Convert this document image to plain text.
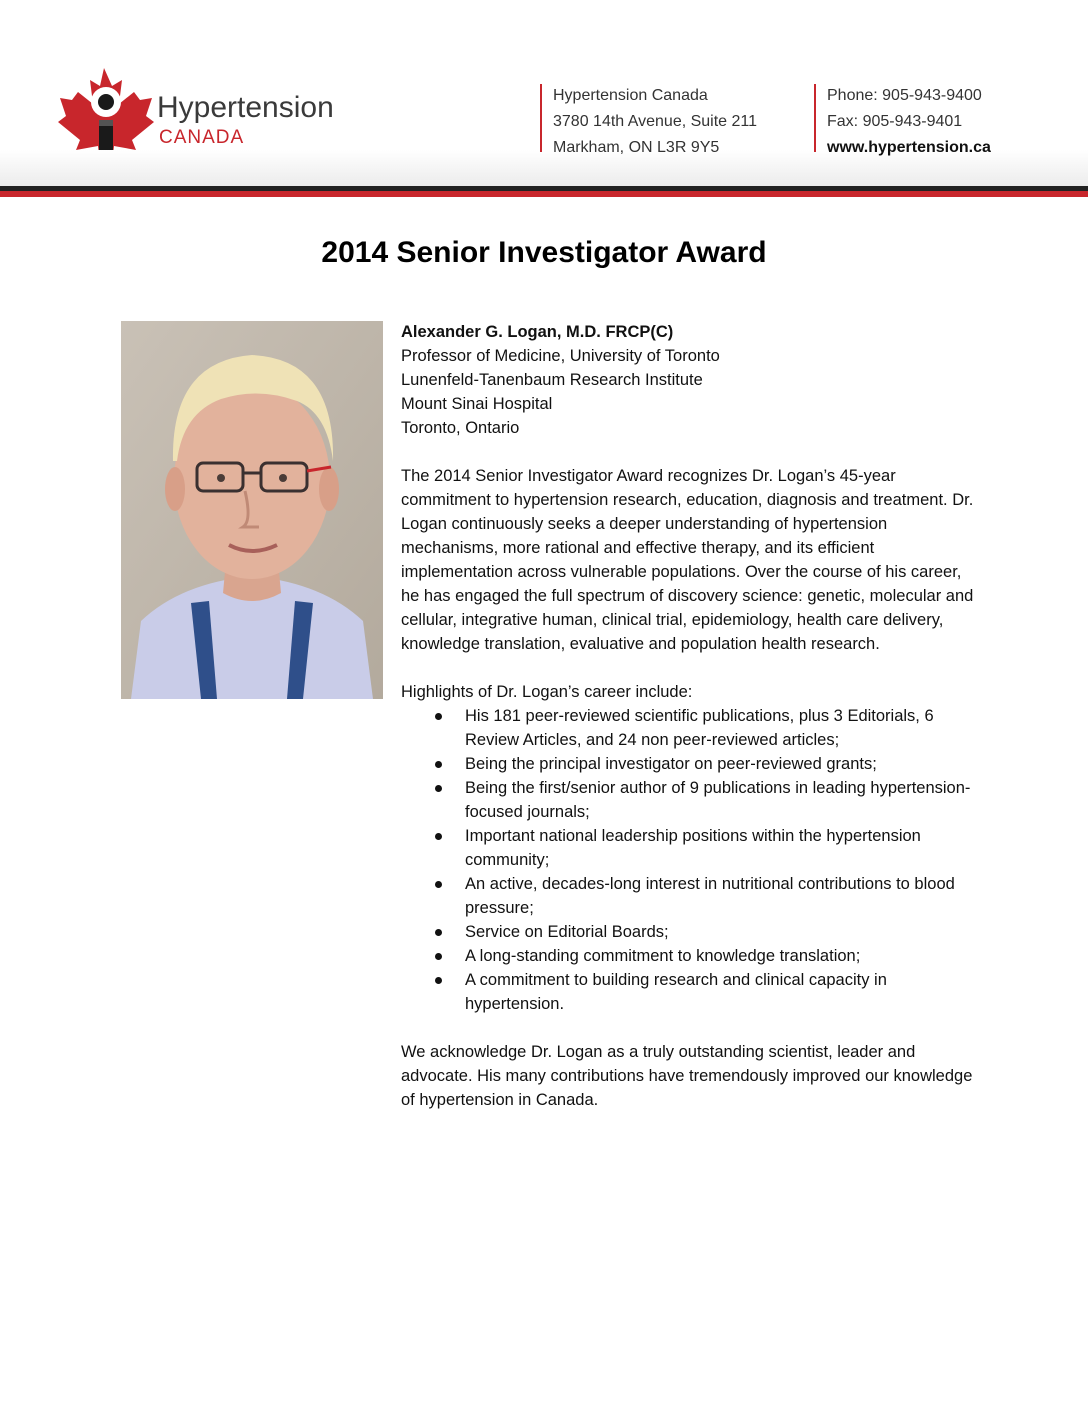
Hypertension
CANADA
Hypertension Canada
3780 14th Avenue, Suite 211
Markham, ON L3R 9Y5
Phone: 905-943-9400
Fax: 905-943-9401
www.hypertension.ca
2014 Senior Investigator Award

Alexander G. Logan, M.D. FRCP(C)

Professor of Medicine, University of Toronto

Lunenfeld-Tanenbaum Research Institute

Mount Sinai Hospital

Toronto, Ontario

The 2014 Senior Investigator Award recognizes Dr. Logan’s 45-year commitment to hypertension research, education, diagnosis and treatment. Dr. Logan continuously seeks a deeper understanding of hypertension mechanisms, more rational and effective therapy, and its efficient implementation across vulnerable populations. Over the course of his career, he has engaged the full spectrum of discovery science: genetic, molecular and cellular, integrative human, clinical trial, epidemiology, health care delivery, knowledge translation, evaluative and population health research.

Highlights of Dr. Logan’s career include:

His 181 peer-reviewed scientific publications, plus 3 Editorials, 6 Review Articles, and 24 non peer-reviewed articles;
Being the principal investigator on peer-reviewed grants;
Being the first/senior author of 9 publications in leading hypertension- focused journals;
Important national leadership positions within the hypertension community;
An active, decades-long interest in nutritional contributions to blood pressure;
Service on Editorial Boards;
A long-standing commitment to knowledge translation;
A commitment to building research and clinical capacity in hypertension.

We acknowledge Dr. Logan as a truly outstanding scientist, leader and advocate. His many contributions have tremendously improved our knowledge of hypertension in Canada.
